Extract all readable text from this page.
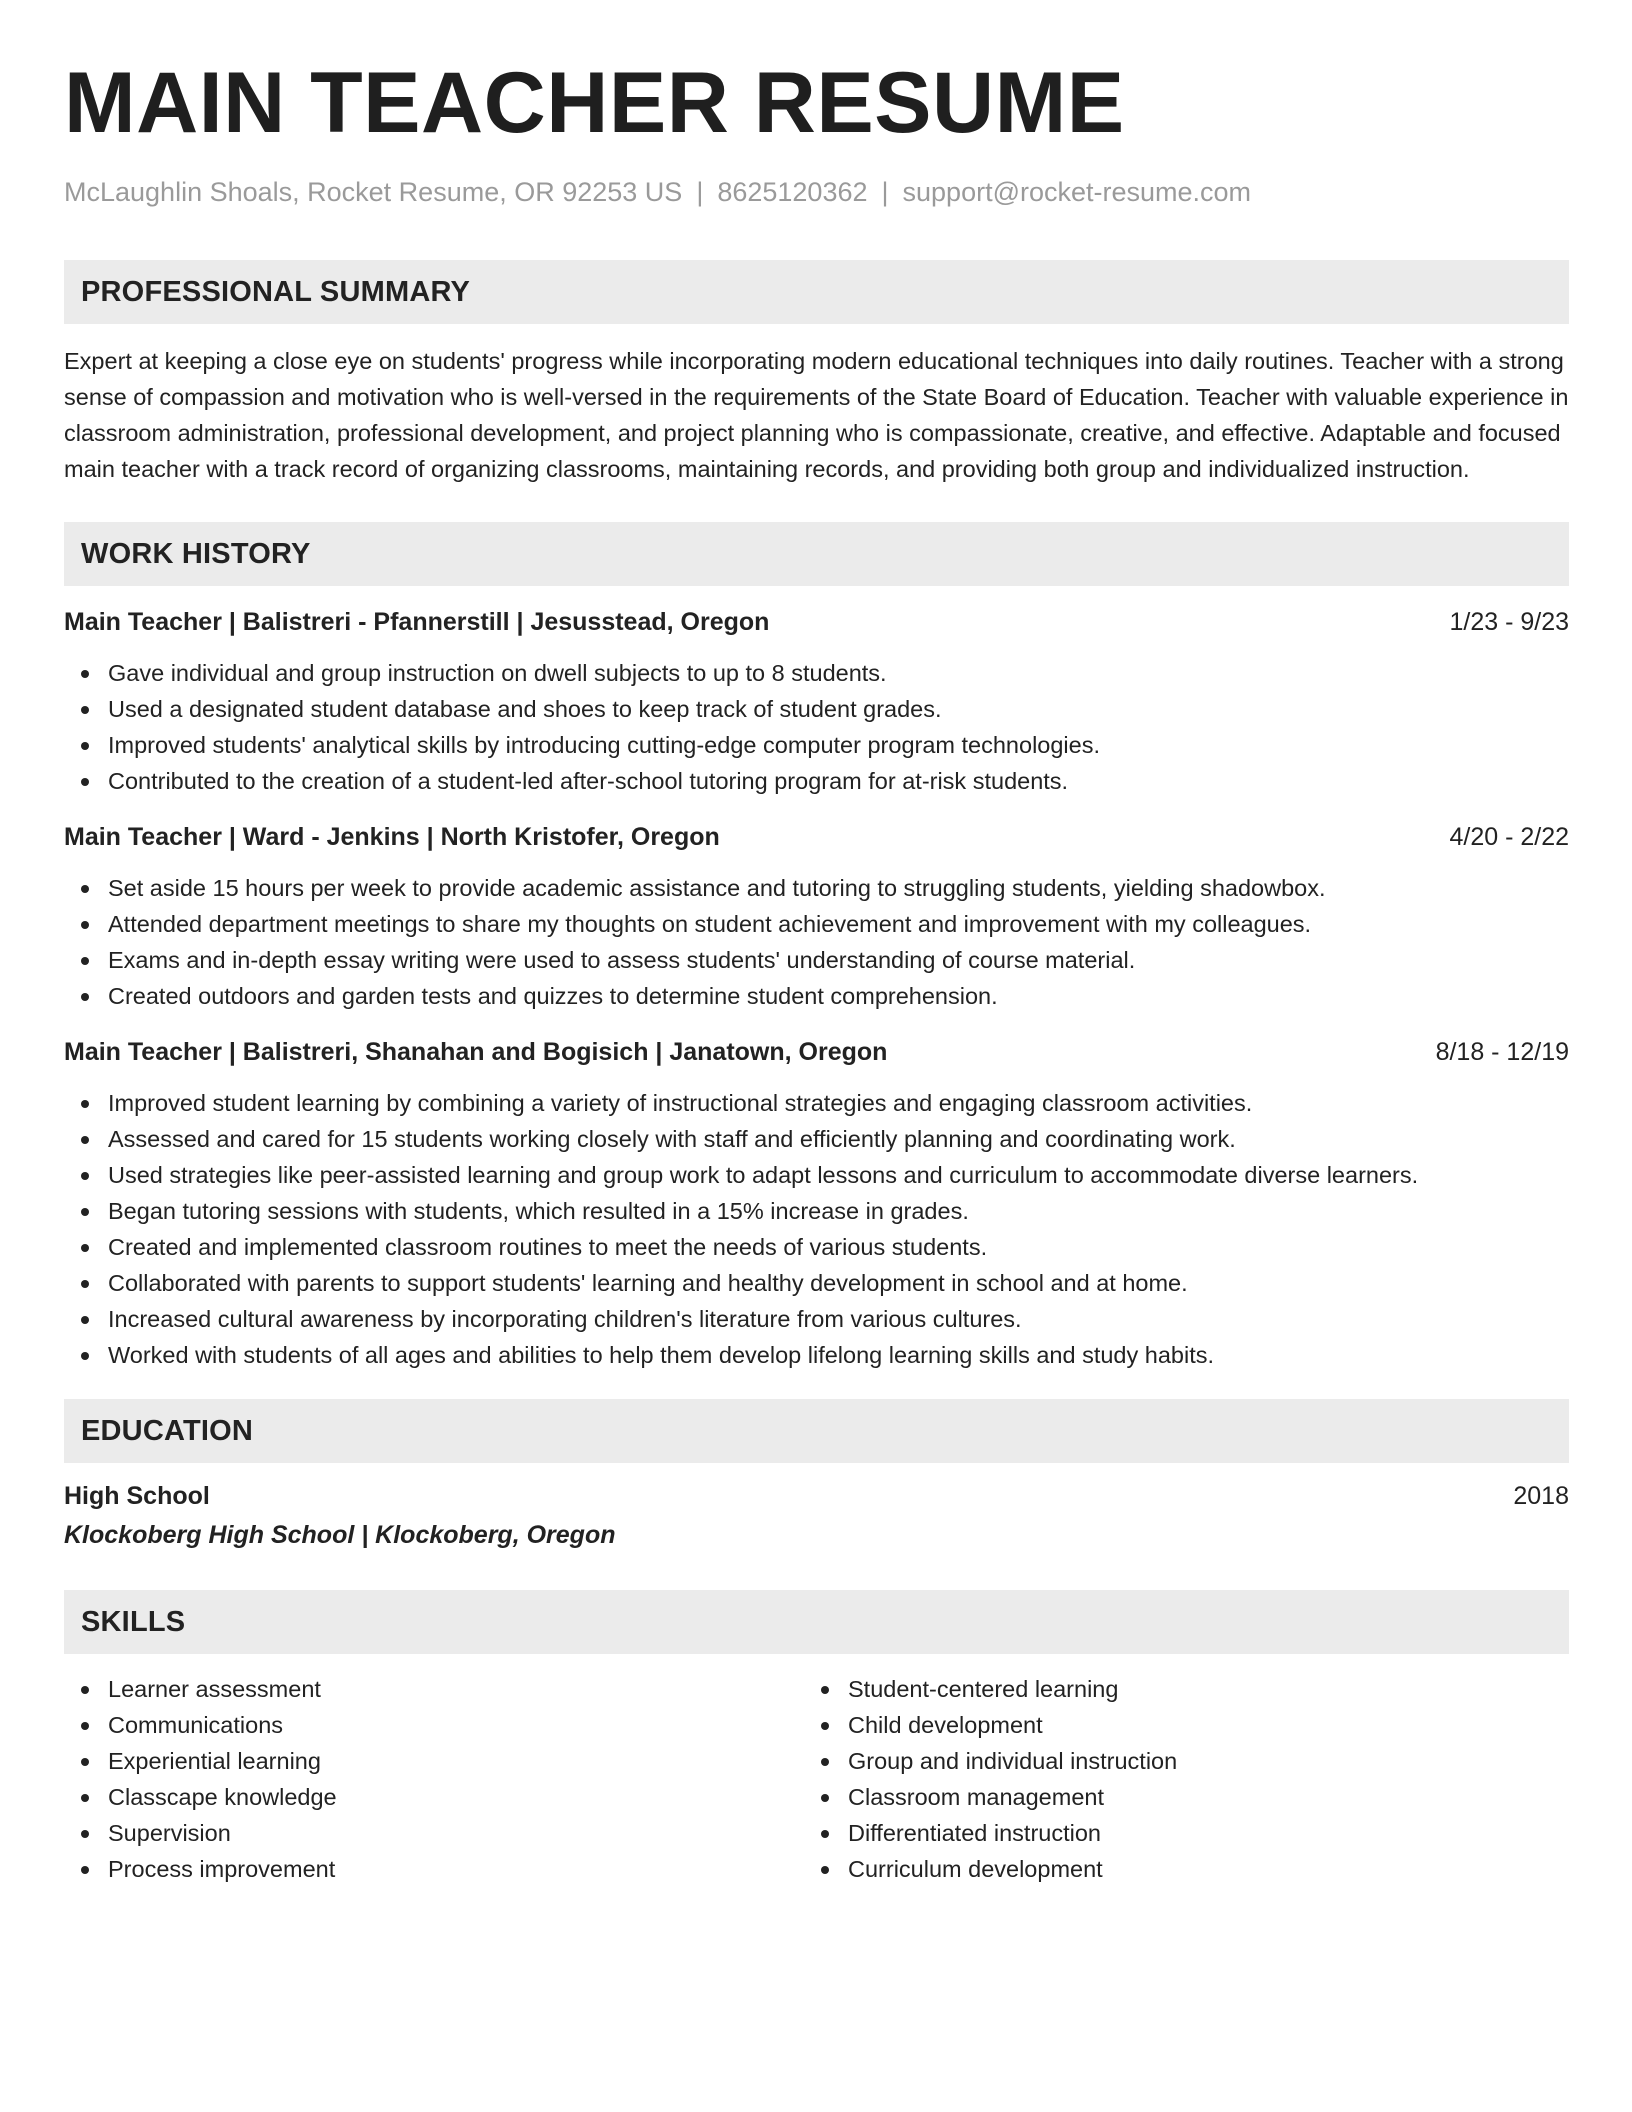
MAIN TEACHER RESUME
McLaughlin Shoals, Rocket Resume, OR 92253 US | 8625120362 | support@rocket-resume.com
PROFESSIONAL SUMMARY
Expert at keeping a close eye on students' progress while incorporating modern educational techniques into daily routines. Teacher with a strong sense of compassion and motivation who is well-versed in the requirements of the State Board of Education. Teacher with valuable experience in classroom administration, professional development, and project planning who is compassionate, creative, and effective. Adaptable and focused main teacher with a track record of organizing classrooms, maintaining records, and providing both group and individualized instruction.
WORK HISTORY
Main Teacher | Balistreri - Pfannerstill | Jesusstead, Oregon	1/23 - 9/23
Gave individual and group instruction on dwell subjects to up to 8 students.
Used a designated student database and shoes to keep track of student grades.
Improved students' analytical skills by introducing cutting-edge computer program technologies.
Contributed to the creation of a student-led after-school tutoring program for at-risk students.
Main Teacher | Ward - Jenkins | North Kristofer, Oregon	4/20 - 2/22
Set aside 15 hours per week to provide academic assistance and tutoring to struggling students, yielding shadowbox.
Attended department meetings to share my thoughts on student achievement and improvement with my colleagues.
Exams and in-depth essay writing were used to assess students' understanding of course material.
Created outdoors and garden tests and quizzes to determine student comprehension.
Main Teacher | Balistreri, Shanahan and Bogisich | Janatown, Oregon	8/18 - 12/19
Improved student learning by combining a variety of instructional strategies and engaging classroom activities.
Assessed and cared for 15 students working closely with staff and efficiently planning and coordinating work.
Used strategies like peer-assisted learning and group work to adapt lessons and curriculum to accommodate diverse learners.
Began tutoring sessions with students, which resulted in a 15% increase in grades.
Created and implemented classroom routines to meet the needs of various students.
Collaborated with parents to support students' learning and healthy development in school and at home.
Increased cultural awareness by incorporating children's literature from various cultures.
Worked with students of all ages and abilities to help them develop lifelong learning skills and study habits.
EDUCATION
High School	2018
Klockoberg High School | Klockoberg, Oregon
SKILLS
Learner assessment
Communications
Experiential learning
Classcape knowledge
Supervision
Process improvement
Student-centered learning
Child development
Group and individual instruction
Classroom management
Differentiated instruction
Curriculum development
